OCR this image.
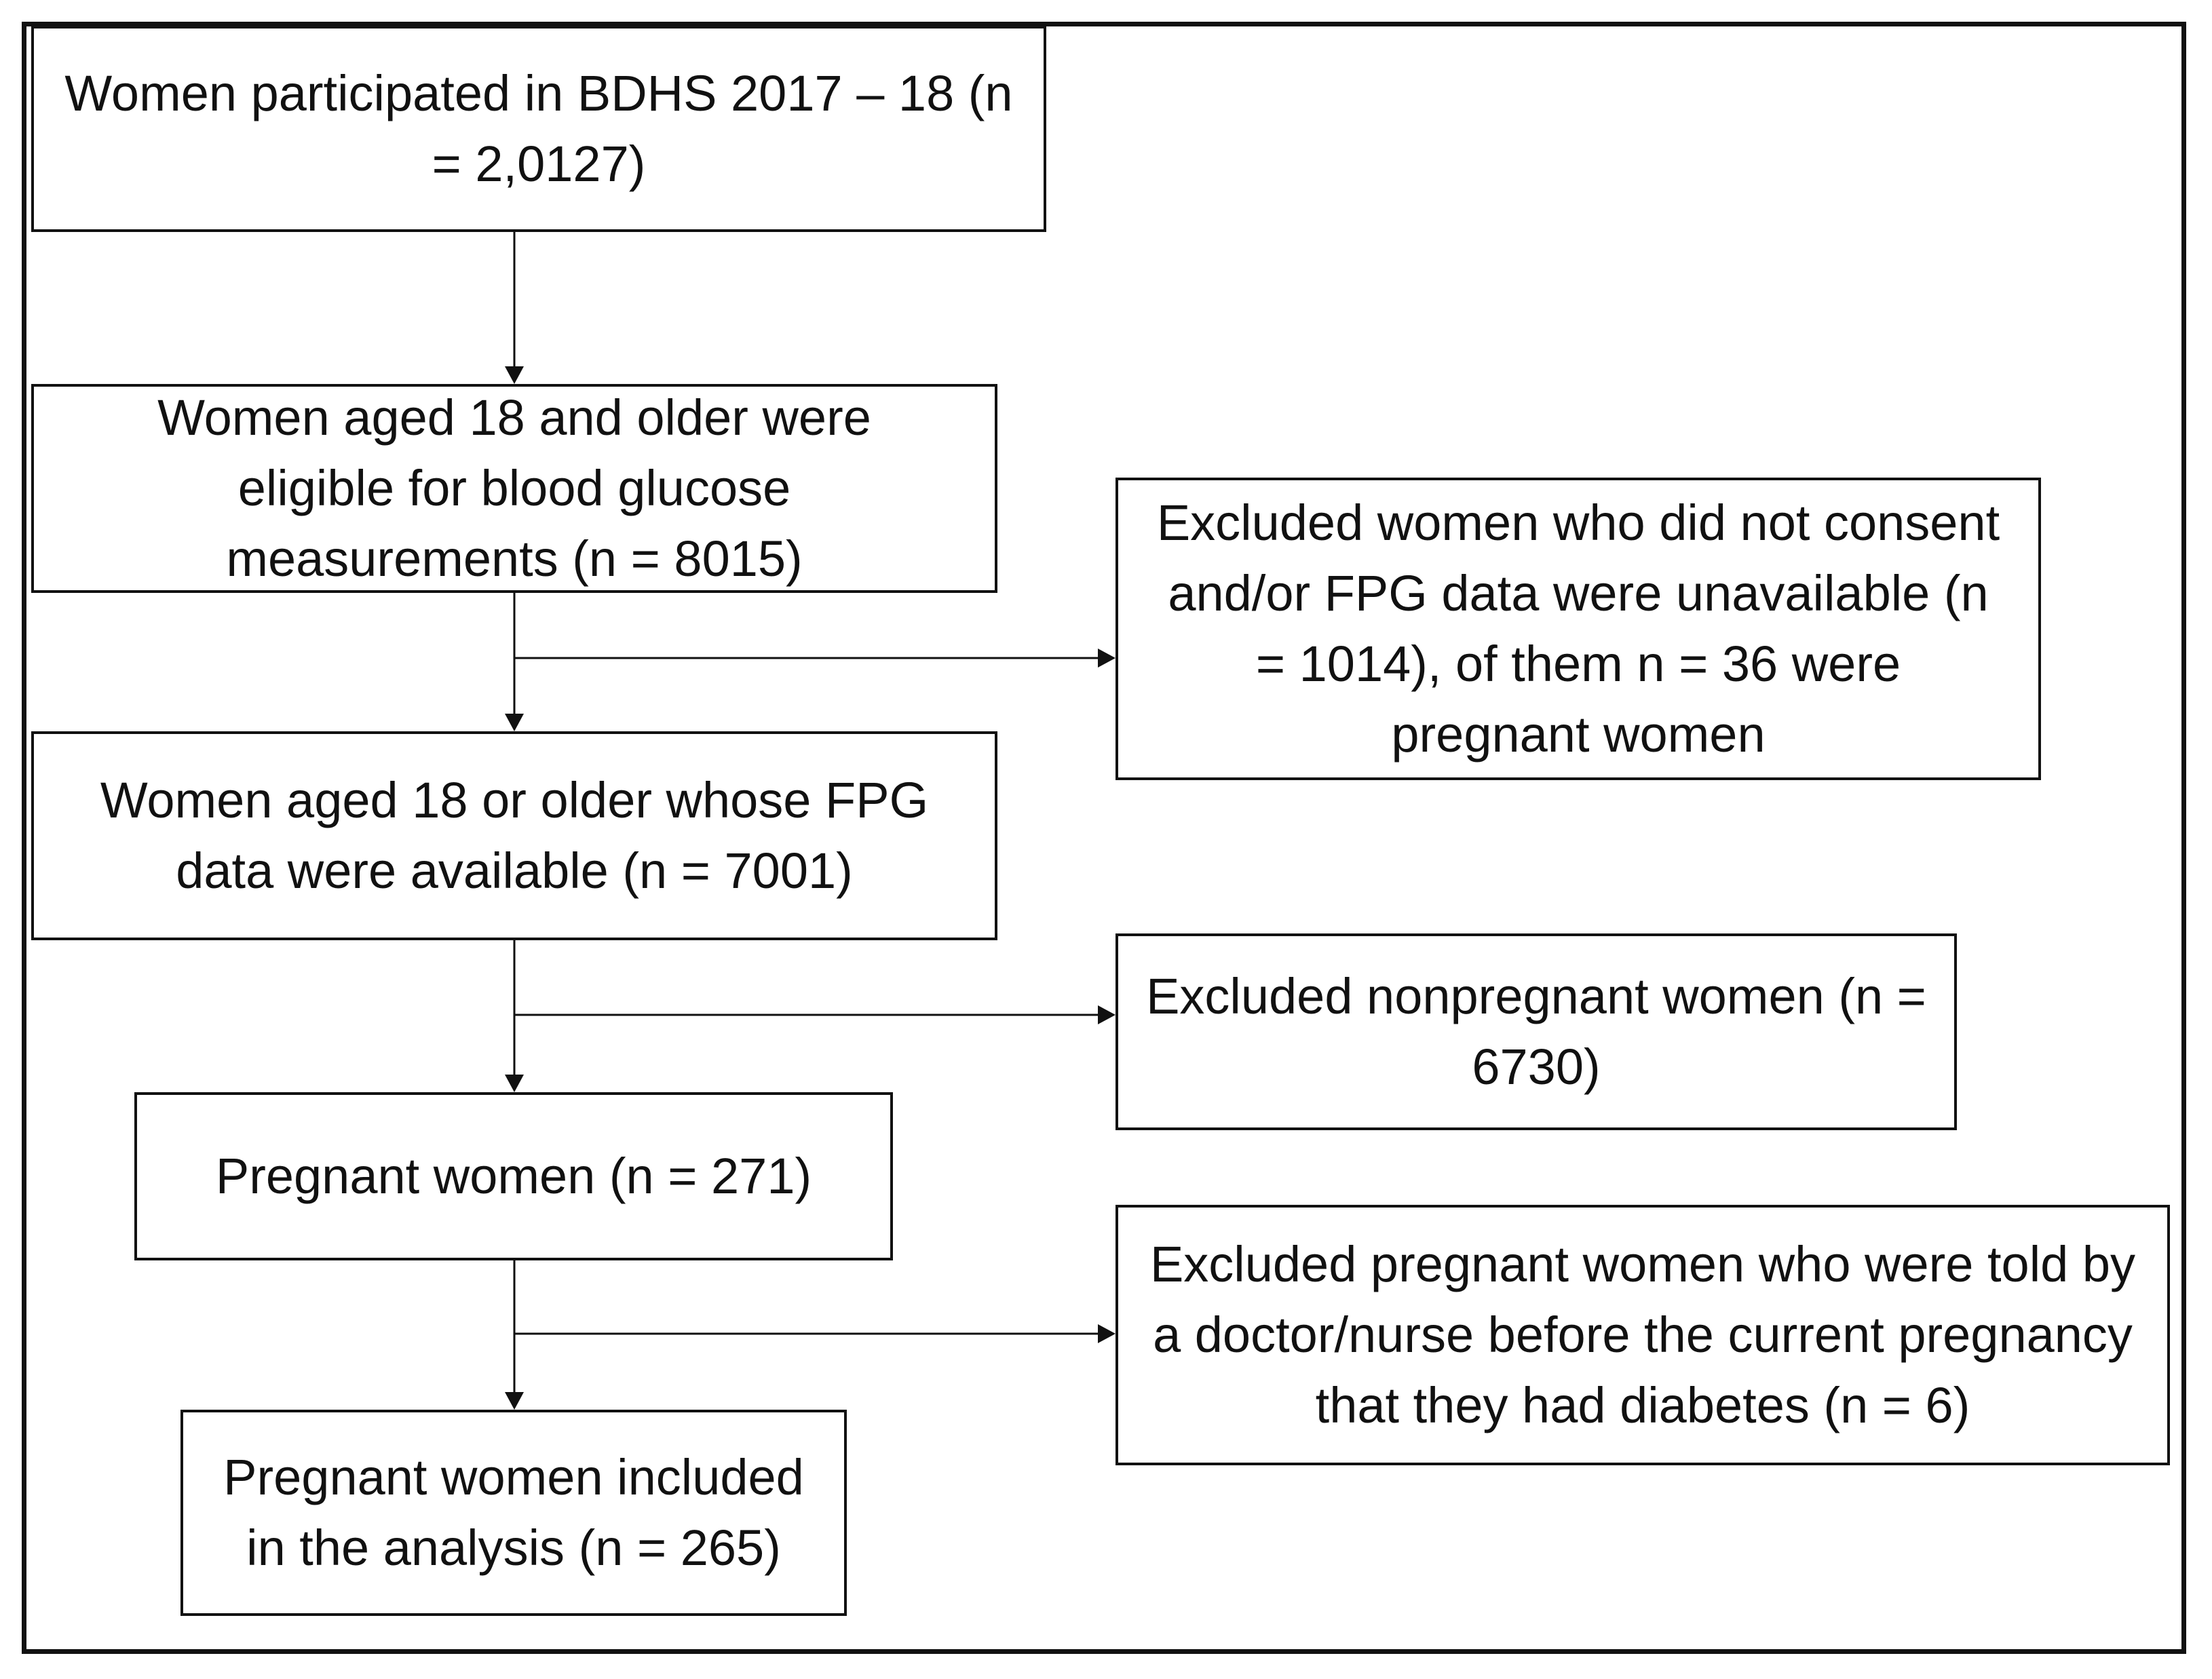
Women participated in BDHS 2017 – 18 (n = 2,0127)
Women aged 18 and older were eligible for blood glucose measurements (n = 8015)
Women aged 18 or older whose FPG data were available (n = 7001)
Pregnant women (n = 271)
Pregnant women included in the analysis (n = 265)
Excluded women who did not consent and/or FPG data were unavailable (n = 1014), of them n = 36 were pregnant women
Excluded nonpregnant women (n = 6730)
Excluded pregnant women who were told by a doctor/nurse before the current pregnancy that they had diabetes (n = 6)
